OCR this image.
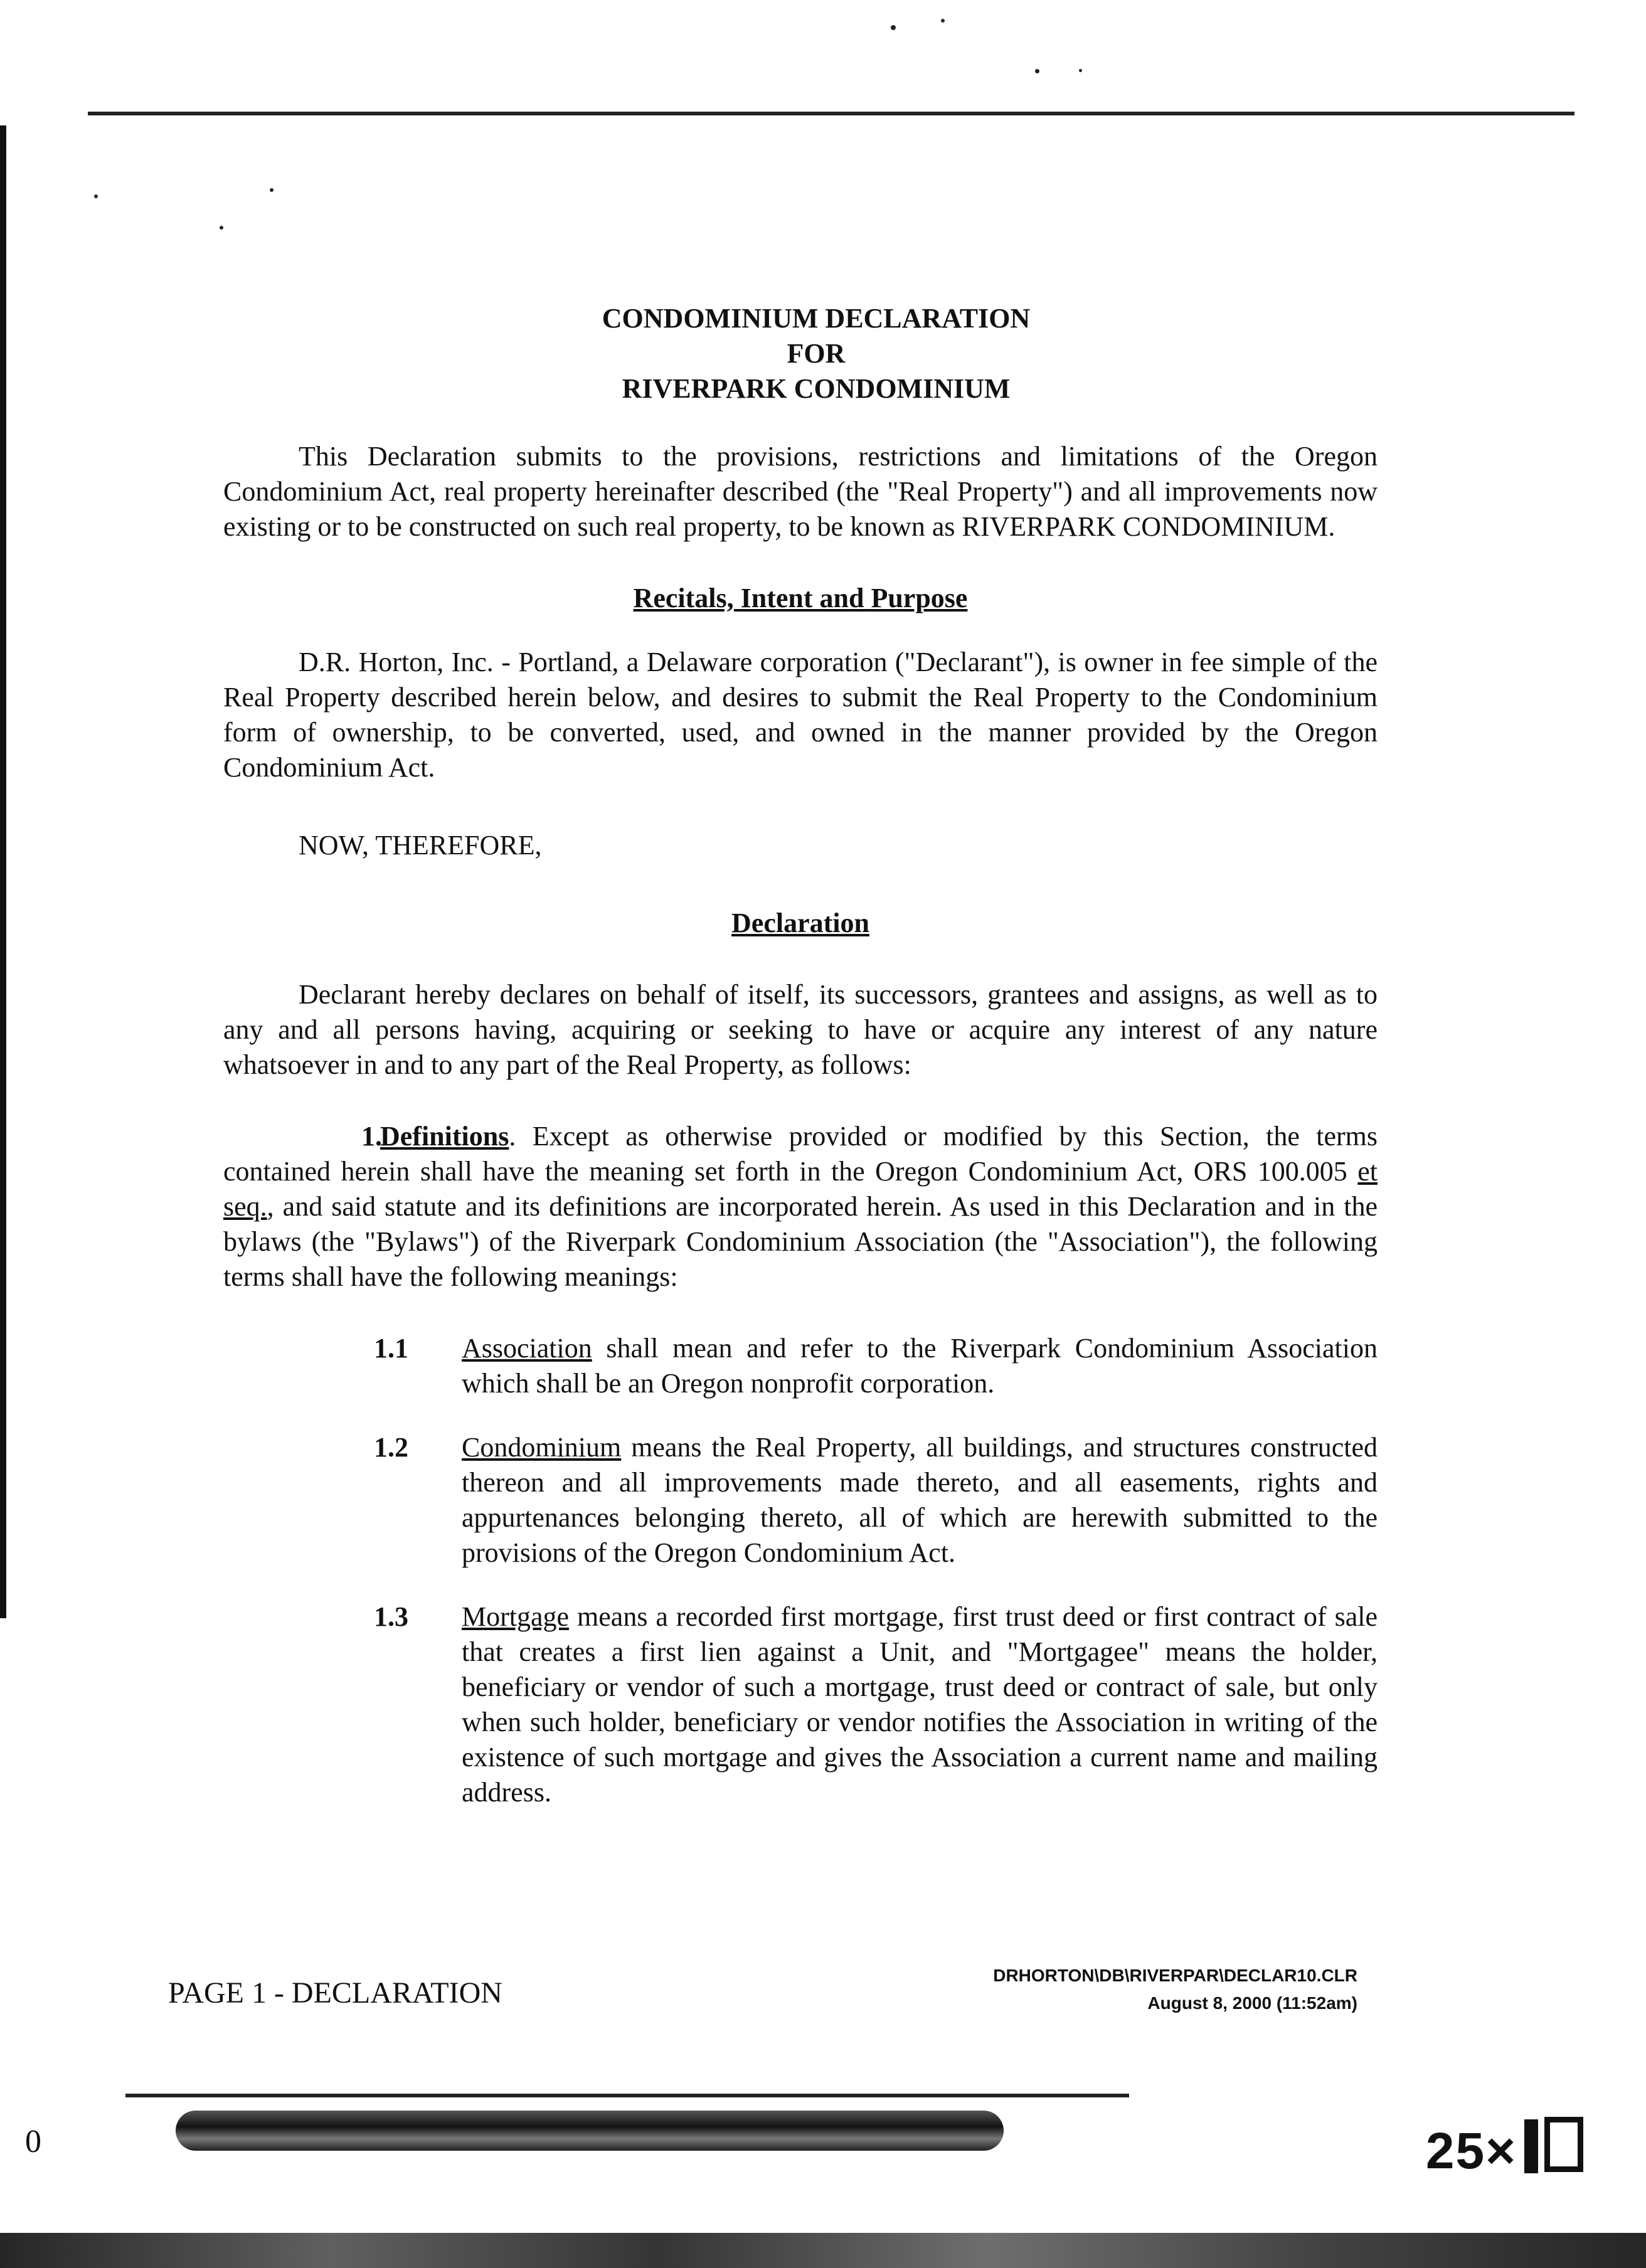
0	25×
CONDOMINIUM DECLARATION
FOR
RIVERPARK CONDOMINIUM

This Declaration submits to the provisions, restrictions and limitations of the Oregon Condominium Act, real property hereinafter described (the "Real Property") and all improvements now existing or to be constructed on such real property, to be known as RIVERPARK CONDOMINIUM.

Recitals, Intent and Purpose

D.R. Horton, Inc. - Portland, a Delaware corporation ("Declarant"), is owner in fee simple of the Real Property described herein below, and desires to submit the Real Property to the Condominium form of ownership, to be converted, used, and owned in the manner provided by the Oregon Condominium Act.

NOW, THEREFORE,

Declaration

Declarant hereby declares on behalf of itself, its successors, grantees and assigns, as well as to any and all persons having, acquiring or seeking to have or acquire any interest of any nature whatsoever in and to any part of the Real Property, as follows:

1.Definitions. Except as otherwise provided or modified by this Section, the terms contained herein shall have the meaning set forth in the Oregon Condominium Act, ORS 100.005 et seq., and said statute and its definitions are incorporated herein. As used in this Declaration and in the bylaws (the "Bylaws") of the Riverpark Condominium Association (the "Association"), the following terms shall have the following meanings:

1.1	Association shall mean and refer to the Riverpark Condominium Association which shall be an Oregon nonprofit corporation.
1.2	Condominium means the Real Property, all buildings, and structures constructed thereon and all improvements made thereto, and all easements, rights and appurtenances belonging thereto, all of which are herewith submitted to the provisions of the Oregon Condominium Act.
1.3	Mortgage means a recorded first mortgage, first trust deed or first contract of sale that creates a first lien against a Unit, and "Mortgagee" means the holder, beneficiary or vendor of such a mortgage, trust deed or contract of sale, but only when such holder, beneficiary or vendor notifies the Association in writing of the existence of such mortgage and gives the Association a current name and mailing address.
PAGE 1 - DECLARATION
DRHORTON\DB\RIVERPAR\DECLAR10.CLR
August 8, 2000 (11:52am)
